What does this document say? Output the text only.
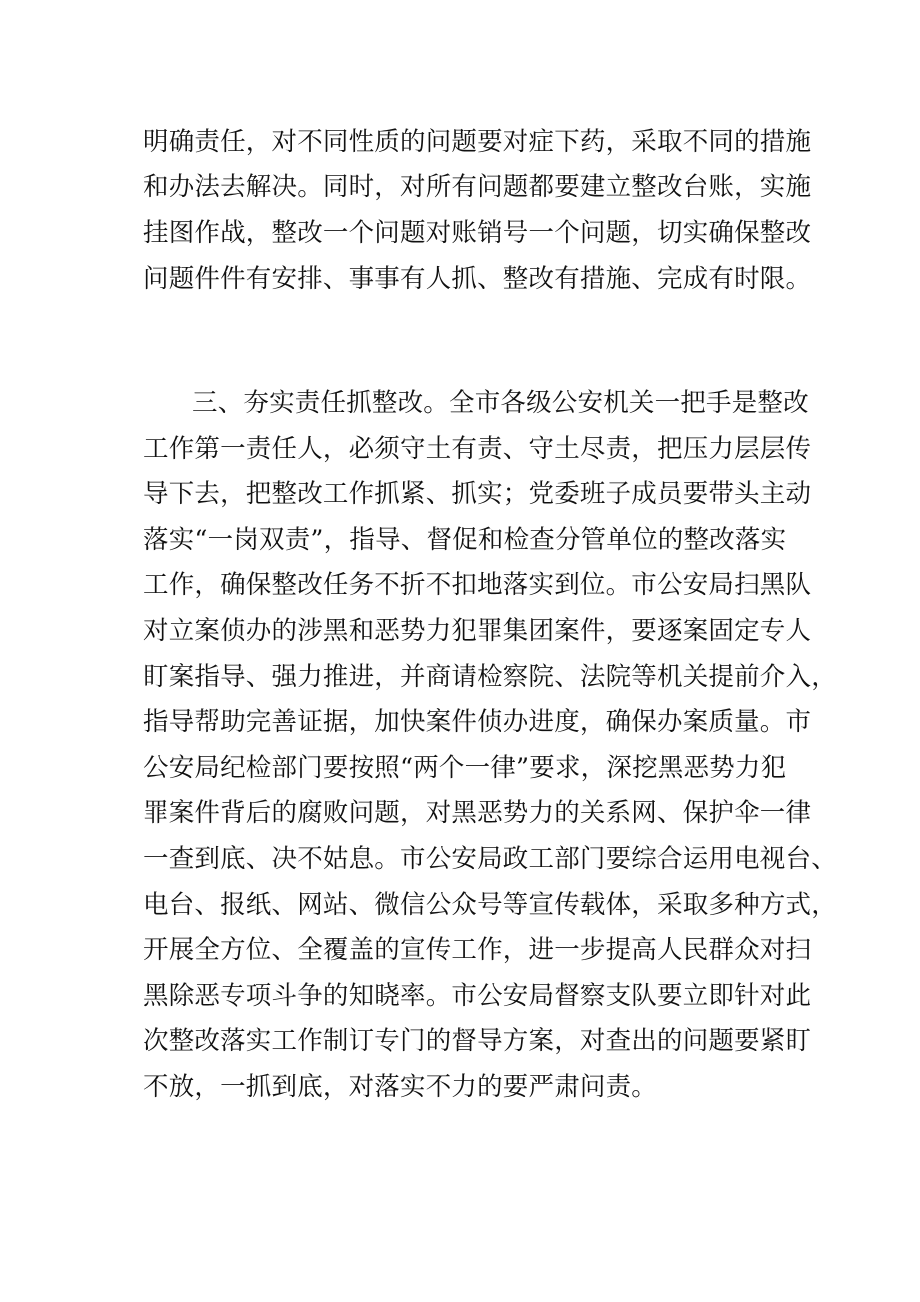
明确责任，对不同性质的问题要对症下药，采取不同的措施
和办法去解决。同时，对所有问题都要建立整改台账，实施
挂图作战，整改一个问题对账销号一个问题，切实确保整改
问题件件有安排、事事有人抓、整改有措施、完成有时限。
三、夯实责任抓整改。全市各级公安机关一把手是整改
工作第一责任人，必须守土有责、守土尽责，把压力层层传
导下去，把整改工作抓紧、抓实；党委班子成员要带头主动
落实“一岗双责”，指导、督促和检查分管单位的整改落实
工作，确保整改任务不折不扣地落实到位。市公安局扫黑队
对立案侦办的涉黑和恶势力犯罪集团案件，要逐案固定专人
盯案指导、强力推进，并商请检察院、法院等机关提前介入，
指导帮助完善证据，加快案件侦办进度，确保办案质量。市
公安局纪检部门要按照“两个一律”要求，深挖黑恶势力犯
罪案件背后的腐败问题，对黑恶势力的关系网、保护伞一律
一查到底、决不姑息。市公安局政工部门要综合运用电视台、
电台、报纸、网站、微信公众号等宣传载体，采取多种方式，
开展全方位、全覆盖的宣传工作，进一步提高人民群众对扫
黑除恶专项斗争的知晓率。市公安局督察支队要立即针对此
次整改落实工作制订专门的督导方案，对查出的问题要紧盯
不放，一抓到底，对落实不力的要严肃问责。
